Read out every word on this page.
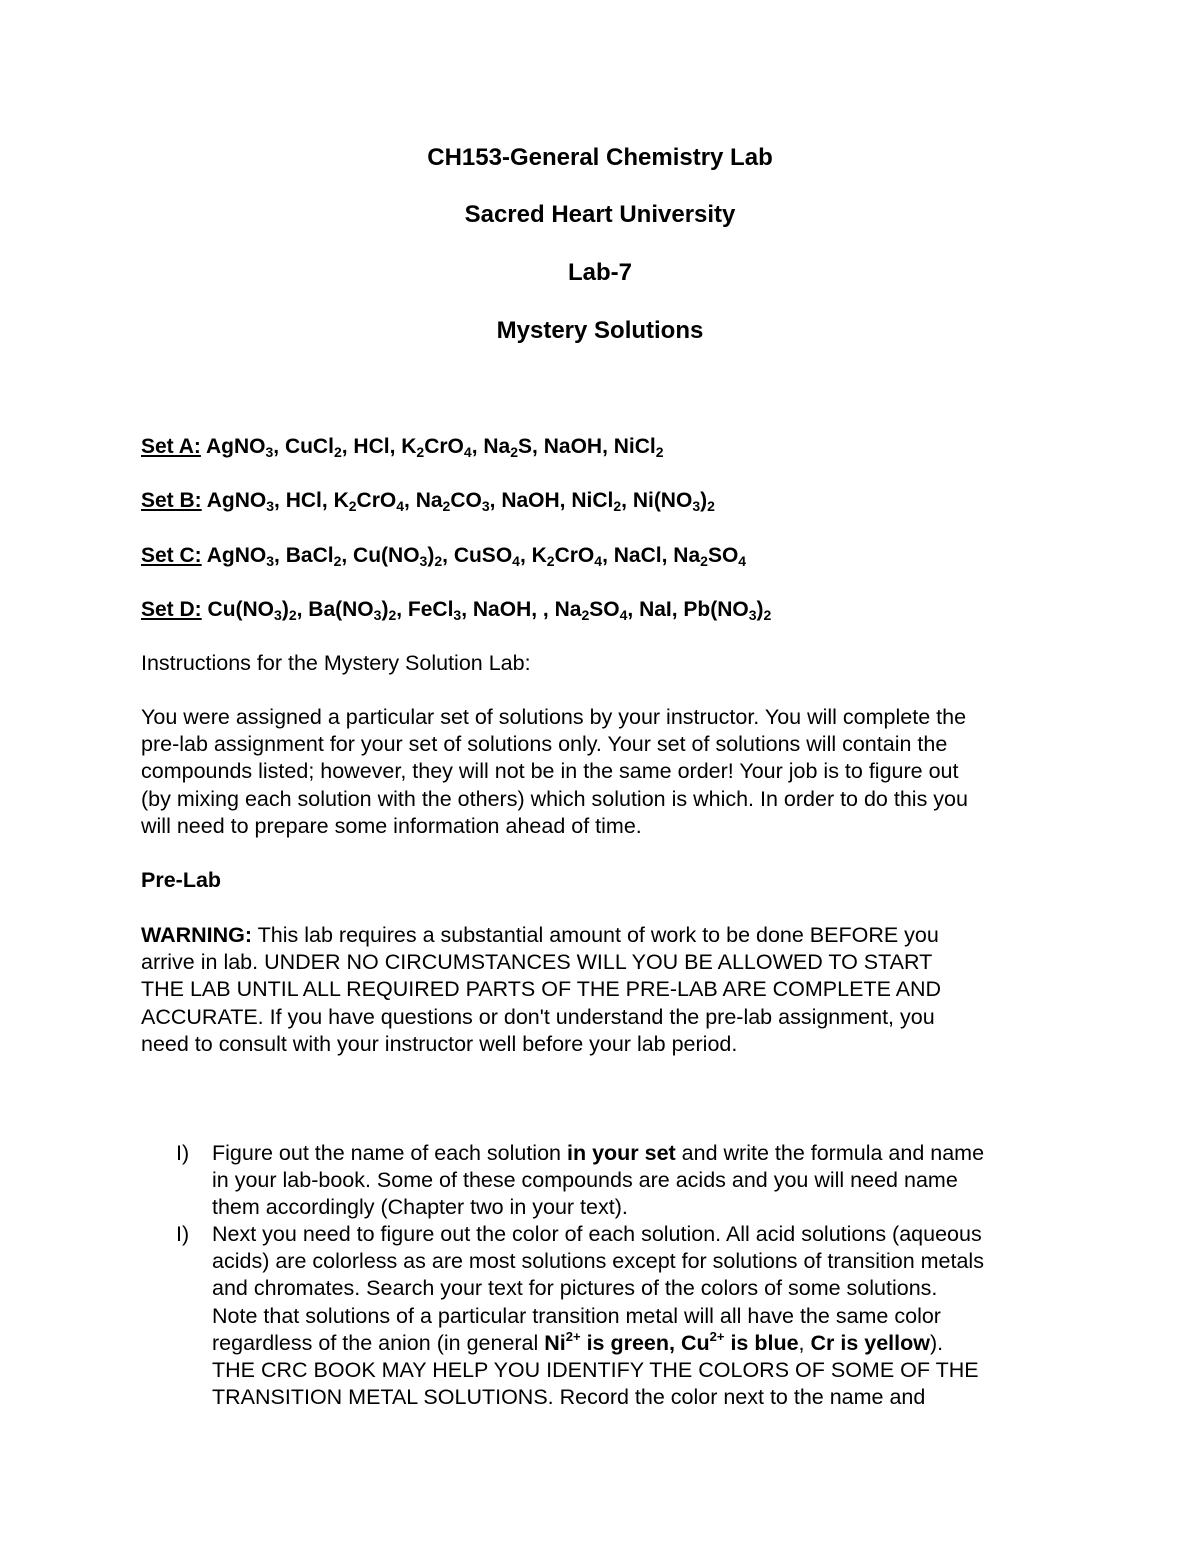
CH153-General Chemistry Lab
Sacred Heart University
Lab-7
Mystery Solutions
Set A: AgNO$_3$, CuCl$_2$, HCl, $K_2CrO_4$, $Na_2S$, NaOH, NiCl$_2$
Set B: AgNO$_3$, HCl, $K_2CrO_4$, $Na_2CO_3$, NaOH, NiCl$_2$, $Ni(NO_3)_2$
Set C: AgNO$_3$, BaCl$_2$, $Cu(NO_3)_2$, CuSO$_4$, $K_2CrO_4$, NaCl, $Na_2SO_4$
Set D: $Cu(NO_3)_2$, $Ba(NO_3)_2$, FeCl$_3$, NaOH, , $Na_2SO_4$, NaI, $Pb(NO_3)_2$
Instructions for the Mystery Solution Lab:
You were assigned a particular set of solutions by your instructor. You will complete the
pre-lab assignment for your set of solutions only. Your set of solutions will contain the
compounds listed; however, they will not be in the same order! Your job is to figure out
(by mixing each solution with the others) which solution is which. In order to do this you
will need to prepare some information ahead of time.
Pre-Lab
WARNING: This lab requires a substantial amount of work to be done BEFORE you
arrive in lab. UNDER NO CIRCUMSTANCES WILL YOU BE ALLOWED TO START
THE LAB UNTIL ALL REQUIRED PARTS OF THE PRE-LAB ARE COMPLETE AND
ACCURATE. If you have questions or don't understand the pre-lab assignment, you
need to consult with your instructor well before your lab period.
I) Figure out the name of each solution in your set and write the formula and name
in your lab-book. Some of these compounds are acids and you will need name
them accordingly (Chapter two in your text).
I) Next you need to figure out the color of each solution. All acid solutions (aqueous
acids) are colorless as are most solutions except for solutions of transition metals
and chromates. Search your text for pictures of the colors of some solutions.
Note that solutions of a particular transition metal will all have the same color
regardless of the anion (in general $Ni^{2+}$ is green, $Cu^{2+}$ is blue, Cr is yellow).
THE CRC BOOK MAY HELP YOU IDENTIFY THE COLORS OF SOME OF THE
TRANSITION METAL SOLUTIONS. Record the color next to the name and
